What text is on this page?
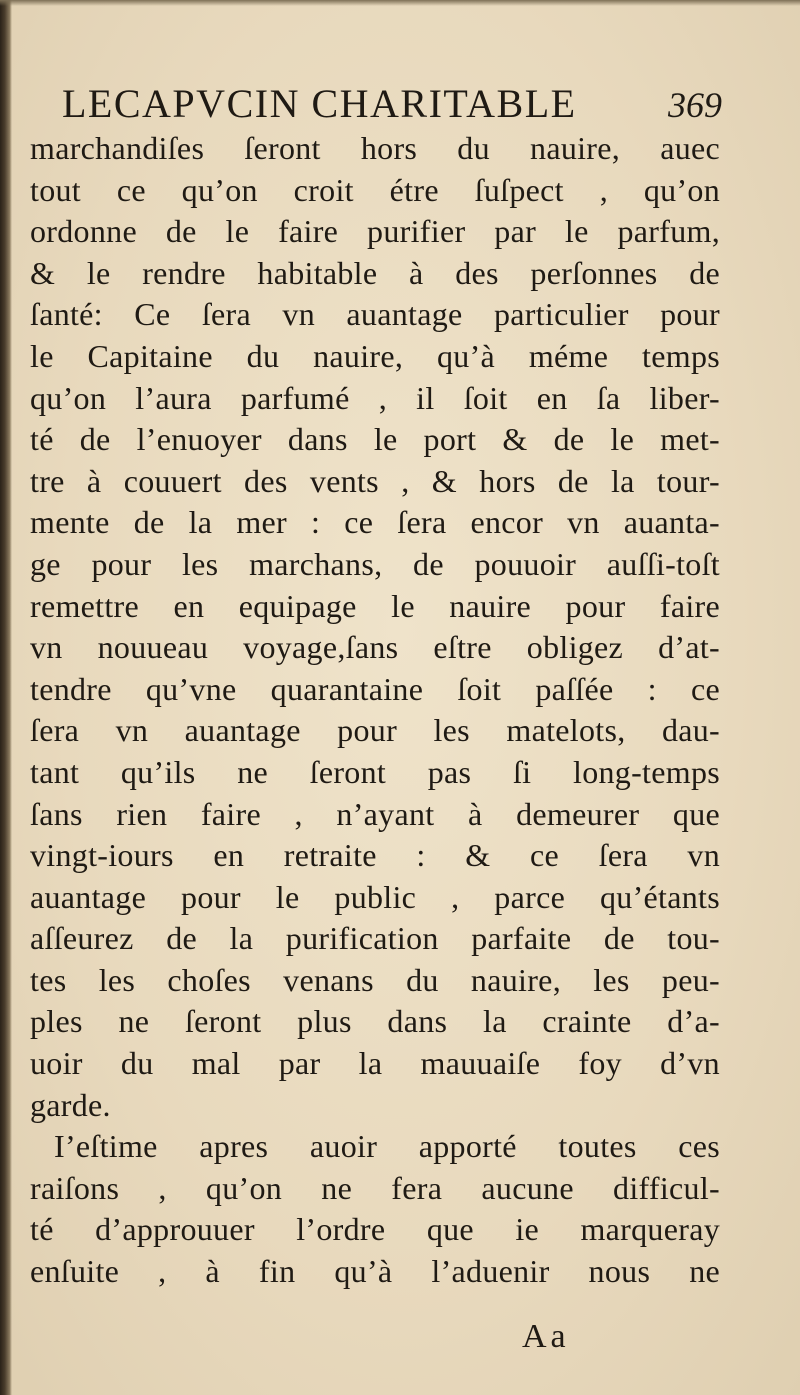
LECAPVCIN CHARITABLE	369
marchandiſes ſeront hors du nauire, auec
tout ce qu’on croit étre ſuſpect , qu’on
ordonne de le faire purifier par le parfum,
& le rendre habitable à des perſonnes de
ſanté: Ce ſera vn auantage particulier pour
le Capitaine du nauire, qu’à méme temps
qu’on l’aura parfumé , il ſoit en ſa liber-
té de l’enuoyer dans le port & de le met-
tre à couuert des vents , & hors de la tour-
mente de la mer : ce ſera encor vn auanta-
ge pour les marchans, de pouuoir auſſi-toſt
remettre en equipage le nauire pour faire
vn nouueau voyage,ſans eſtre obligez d’at-
tendre qu’vne quarantaine ſoit paſſée : ce
ſera vn auantage pour les matelots, dau-
tant qu’ils ne ſeront pas ſi long-temps
ſans rien faire , n’ayant à demeurer que
vingt-iours en retraite : & ce ſera vn
auantage pour le public , parce qu’étants
aſſeurez de la purification parfaite de tou-
tes les choſes venans du nauire, les peu-
ples ne ſeront plus dans la crainte d’a-
uoir du mal par la mauuaiſe foy d’vn
garde.
I’eſtime apres auoir apporté toutes ces
raiſons , qu’on ne fera aucune difficul-
té d’approuuer l’ordre que ie marqueray
enſuite , à fin qu’à l’aduenir nous ne
Aa
